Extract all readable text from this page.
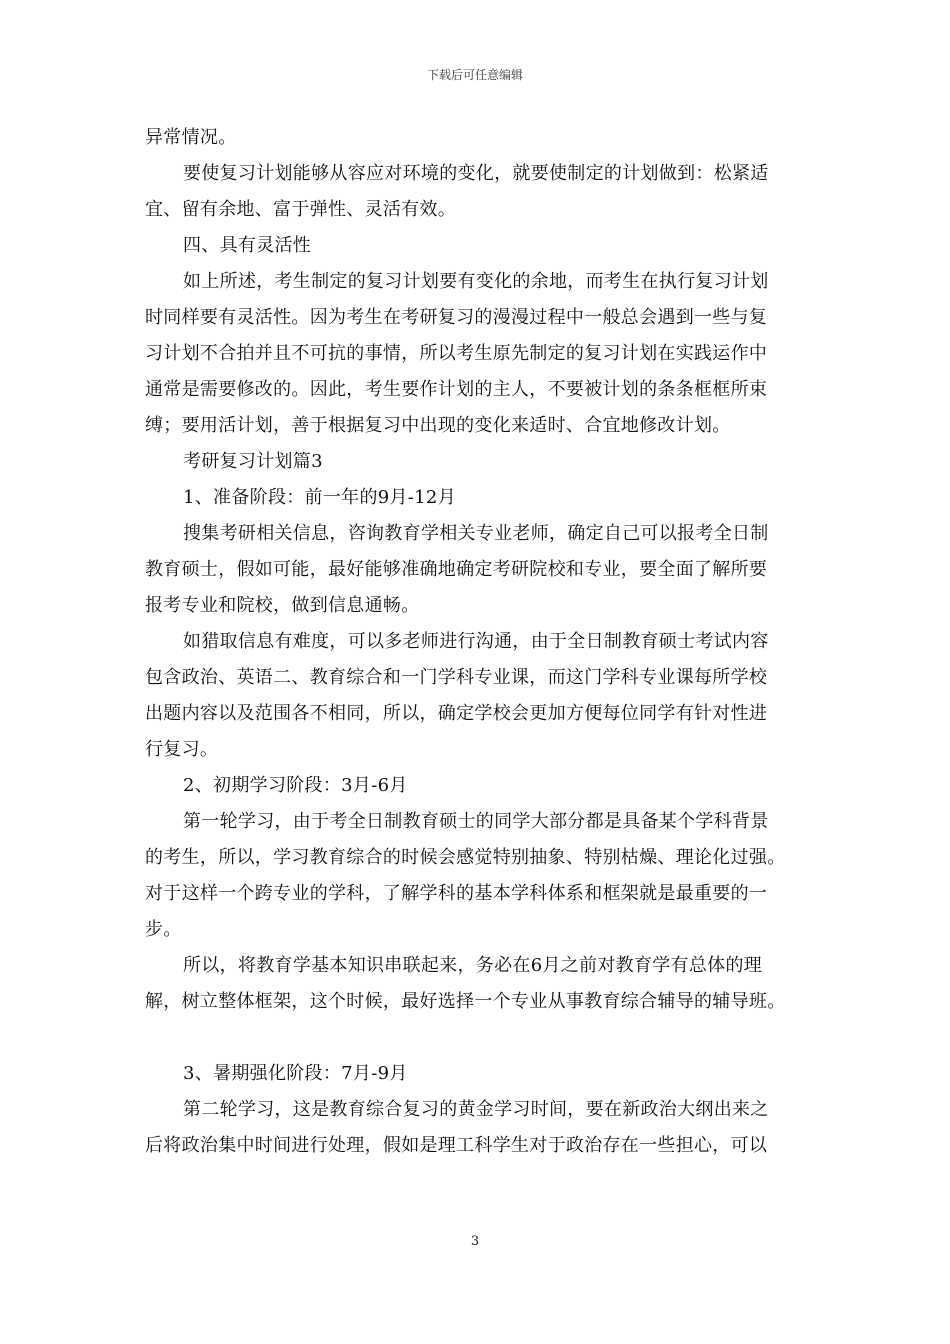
下载后可任意编辑
异常情况。
要使复习计划能够从容应对环境的变化，就要使制定的计划做到：松紧适
宜、留有余地、富于弹性、灵活有效。
四、具有灵活性
如上所述，考生制定的复习计划要有变化的余地，而考生在执行复习计划
时同样要有灵活性。因为考生在考研复习的漫漫过程中一般总会遇到一些与复
习计划不合拍并且不可抗的事情，所以考生原先制定的复习计划在实践运作中
通常是需要修改的。因此，考生要作计划的主人，不要被计划的条条框框所束
缚；要用活计划，善于根据复习中出现的变化来适时、合宜地修改计划。
考研复习计划篇3
1、准备阶段：前一年的9月-12月
搜集考研相关信息，咨询教育学相关专业老师，确定自己可以报考全日制
教育硕士，假如可能，最好能够准确地确定考研院校和专业，要全面了解所要
报考专业和院校，做到信息通畅。
如猎取信息有难度，可以多老师进行沟通，由于全日制教育硕士考试内容
包含政治、英语二、教育综合和一门学科专业课，而这门学科专业课每所学校
出题内容以及范围各不相同，所以，确定学校会更加方便每位同学有针对性进
行复习。
2、初期学习阶段：3月-6月
第一轮学习，由于考全日制教育硕士的同学大部分都是具备某个学科背景
的考生，所以，学习教育综合的时候会感觉特别抽象、特别枯燥、理论化过强。
对于这样一个跨专业的学科，了解学科的基本学科体系和框架就是最重要的一
步。
所以，将教育学基本知识串联起来，务必在6月之前对教育学有总体的理
解，树立整体框架，这个时候，最好选择一个专业从事教育综合辅导的辅导班。
3、暑期强化阶段：7月-9月
第二轮学习，这是教育综合复习的黄金学习时间，要在新政治大纲出来之
后将政治集中时间进行处理，假如是理工科学生对于政治存在一些担心，可以
3
